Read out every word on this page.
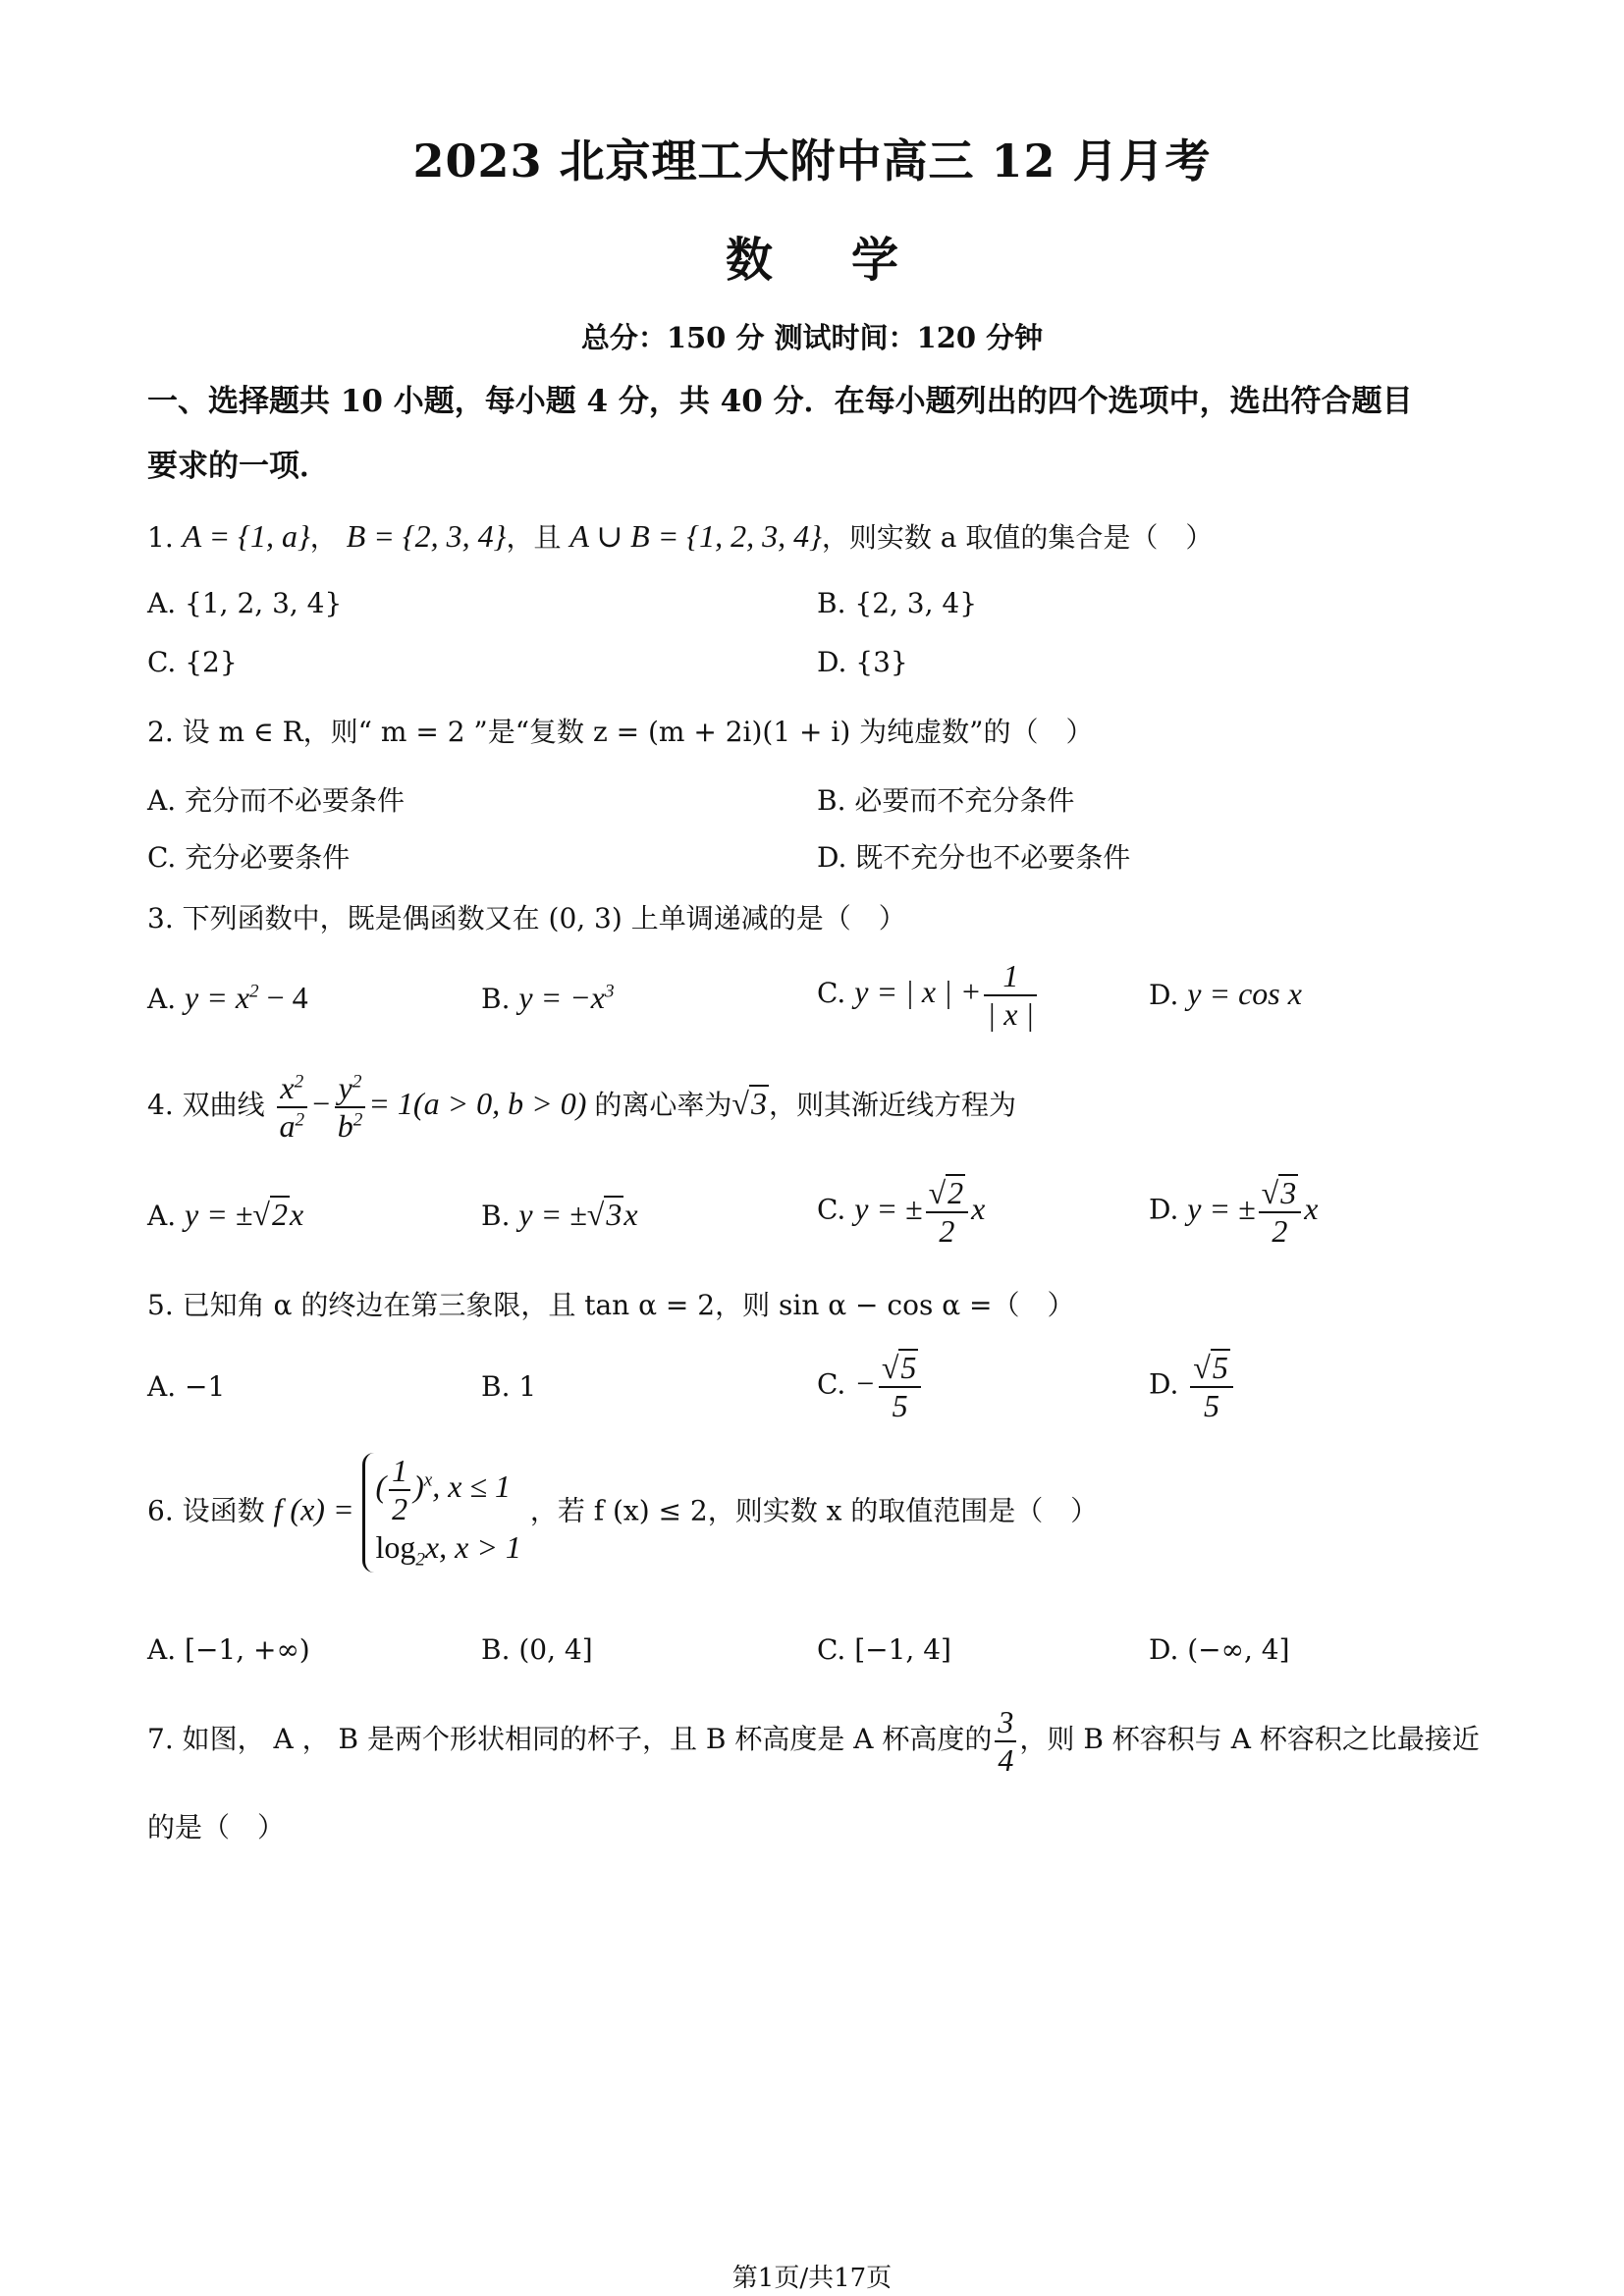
2023 北京理工大附中高三 12 月月考
数学
总分：150 分 测试时间：120 分钟
一、选择题共 10 小题，每小题 4 分，共 40 分．在每小题列出的四个选项中，选出符合题目
要求的一项．
1. A = {1, a}， B = {2, 3, 4}，且 A ∪ B = {1, 2, 3, 4}，则实数 a 取值的集合是（　）
A. {1, 2, 3, 4}	B. {2, 3, 4}
C. {2}	D. {3}
2. 设 m ∈ R，则“ m = 2 ”是“复数 z = (m + 2i)(1 + i) 为纯虚数”的（　）
A. 充分而不必要条件	B. 必要而不充分条件
C. 充分必要条件	D. 既不充分也不必要条件
3. 下列函数中，既是偶函数又在 (0, 3) 上单调递减的是（　）
A. $y = x^2 - 4$	B. $y = -x^3$	C. y = | x | + $\frac{1}{| x |}$	D. y = cos x
4. 双曲线 $\frac{x^2}{a^2} - \frac{y^2}{b^2} = 1(a > 0$, b > 0) 的离心率为√3，则其渐近线方程为
A. y = ±√2x	B. y = ±√3x	C. y = ± $\frac{√2}{2}$ x	D. y = ± $\frac{√3}{2}$ x
5. 已知角 α 的终边在第三象限，且 tan α = 2，则 sin α − cos α =（　）
A. −1	B. 1	C. − $\frac{√5}{5}$	D. $\frac{√5}{5}$
6. 设函数 f (x) =
( $\frac{1}{2} )^x$, x ≤ 1
$\log_2x$, x > 1
，若 f (x) ≤ 2，则实数 x 的取值范围是（　）
A. [−1, +∞)	B. (0, 4]	C. [−1, 4]	D. (−∞, 4]
7. 如图， A ， B 是两个形状相同的杯子，且 B 杯高度是 A 杯高度的 $\frac{3}{4}$ ，则 B 杯容积与 A 杯容积之比最接近
的是（　）
第1页/共17页
